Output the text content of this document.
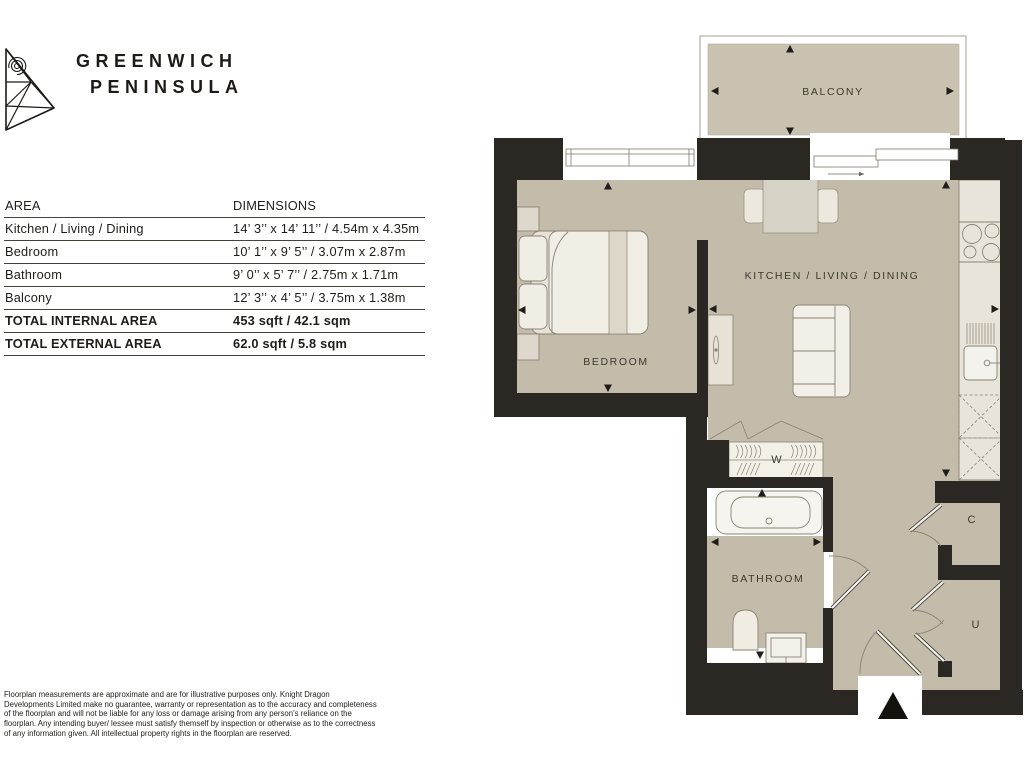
GREENWICH
PENINSULA
AREA	DIMENSIONS
Kitchen / Living / Dining	14’ 3’’ x 14’ 11’’ / 4.54m x 4.35m
Bedroom	10’ 1’’ x 9’ 5’’ / 3.07m x 2.87m
Bathroom	9’ 0’’ x 5’ 7’’ / 2.75m x 1.71m
Balcony	12’ 3’’ x 4’ 5’’ / 3.75m x 1.38m
TOTAL INTERNAL AREA	453 sqft / 42.1 sqm
TOTAL EXTERNAL AREA	62.0 sqft / 5.8 sqm

Floorplan measurements are approximate and are for illustrative purposes only. Knight Dragon Developments Limited make no guarantee, warranty or representation as to the accuracy and completeness of the floorplan and will not be liable for any loss or damage arising from any person's reliance on the floorplan. Any intending buyer/ lessee must satisfy themself by inspection or otherwise as to the correctness of any information given. All intellectual property rights in the floorplan are reserved.

BALCONY
KITCHEN / LIVING / DINING
BEDROOM
BATHROOM
W
C
U
